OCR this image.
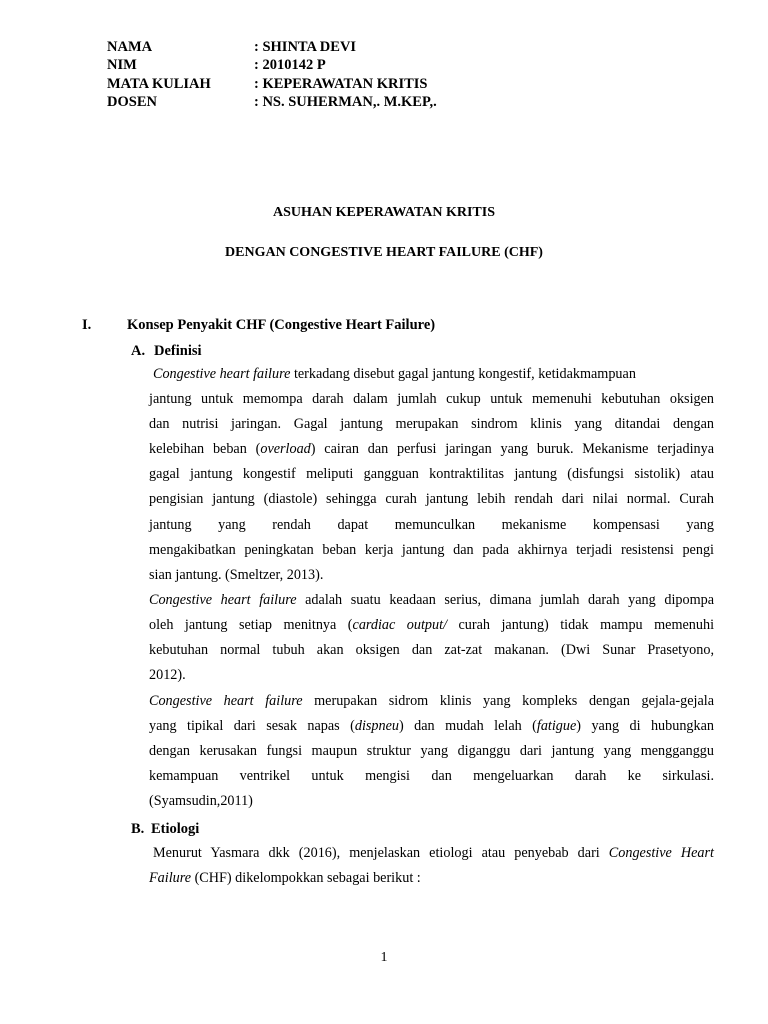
NAMA	: SHINTA DEVI
NIM	: 2010142 P
MATA KULIAH	: KEPERAWATAN KRITIS
DOSEN	: NS. SUHERMAN,. M.KEP,.
ASUHAN KEPERAWATAN KRITIS
DENGAN CONGESTIVE HEART FAILURE (CHF)
I. Konsep Penyakit CHF (Congestive Heart Failure)
A. Definisi
Congestive heart failure terkadang disebut gagal jantung kongestif, ketidakmampuan
jantung untuk memompa darah dalam jumlah cukup untuk memenuhi kebutuhan oksigen
dan nutrisi jaringan. Gagal jantung merupakan sindrom klinis yang ditandai dengan
kelebihan beban (overload) cairan dan perfusi jaringan yang buruk. Mekanisme terjadinya
gagal jantung kongestif meliputi gangguan kontraktilitas jantung (disfungsi sistolik) atau
pengisian jantung (diastole) sehingga curah jantung lebih rendah dari nilai normal. Curah
jantung yang rendah dapat memunculkan mekanisme kompensasi yang
mengakibatkan peningkatan beban kerja jantung dan pada akhirnya terjadi resistensi pengi
sian jantung. (Smeltzer, 2013).
Congestive heart failure adalah suatu keadaan serius, dimana jumlah darah yang dipompa
oleh jantung setiap menitnya (cardiac output/ curah jantung) tidak mampu memenuhi
kebutuhan normal tubuh akan oksigen dan zat-zat makanan. (Dwi Sunar Prasetyono,
2012).
Congestive heart failure merupakan sidrom klinis yang kompleks dengan gejala-gejala
yang tipikal dari sesak napas (dispneu) dan mudah lelah (fatigue) yang di hubungkan
dengan kerusakan fungsi maupun struktur yang diganggu dari jantung yang mengganggu
kemampuan ventrikel untuk mengisi dan mengeluarkan darah ke sirkulasi.
(Syamsudin,2011)
B. Etiologi
Menurut Yasmara dkk (2016), menjelaskan etiologi atau penyebab dari Congestive Heart
Failure (CHF) dikelompokkan sebagai berikut :
1
